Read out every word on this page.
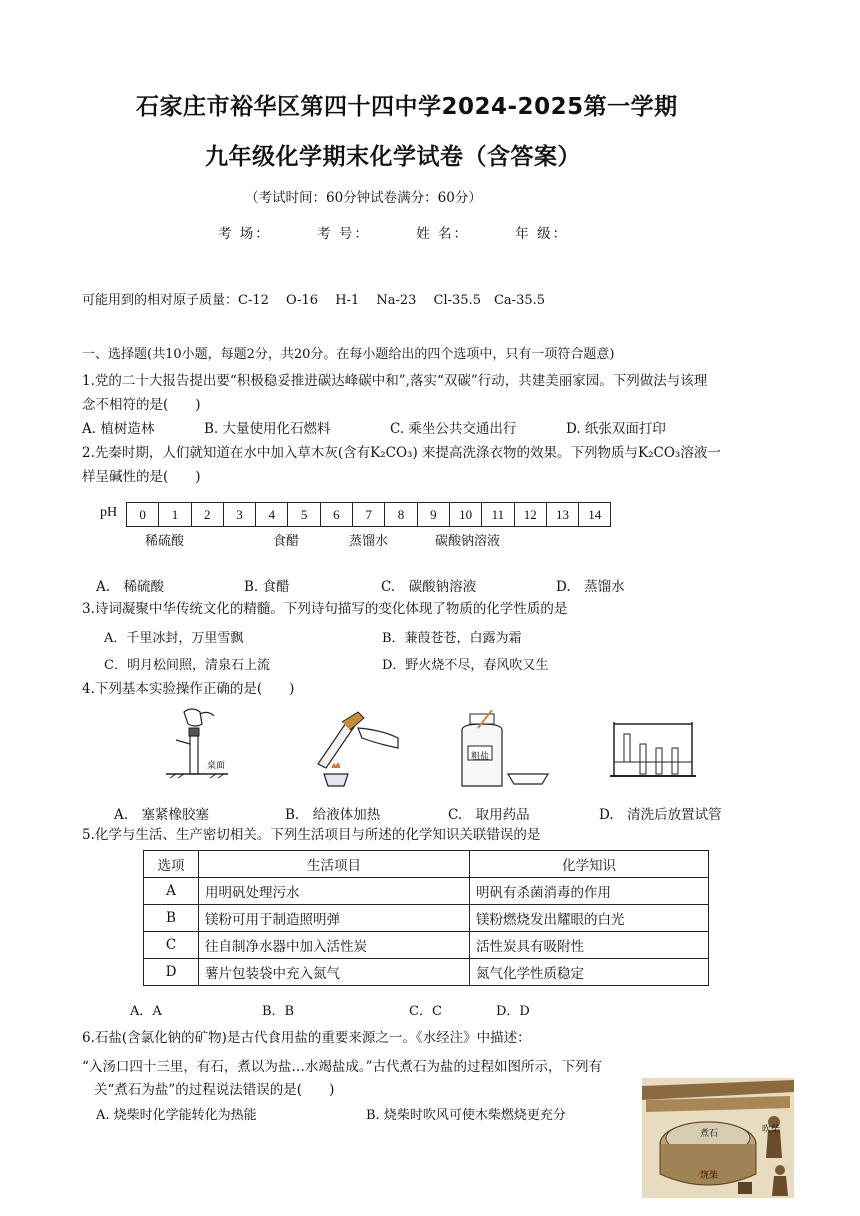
石家庄市裕华区第四十四中学2024-2025第一学期
九年级化学期末化学试卷（含答案）
（考试时间：60分钟试卷满分：60分）
考 场：	考 号：	姓 名：	年 级：
可能用到的相对原子质量：C-12　 O-16　 H-1　 Na-23　 Cl-35.5　Ca-35.5
一、选择题(共10小题，每题2分，共20分。在每小题给出的四个选项中，只有一项符合题意)
1.党的二十大报告提出要“积极稳妥推进碳达峰碳中和”,落实“双碳”行动，共建美丽家园。下列做法与该理
念不相符的是(　　)
A. 植树造林	B. 大量使用化石燃料	C. 乘坐公共交通出行	D. 纸张双面打印
2.先秦时期，人们就知道在水中加入草木灰(含有K₂CO₃) 来提高洗涤衣物的效果。下列物质与K₂CO₃溶液一
样呈碱性的是(　　)
pH 0	1	2	3	4	5	6	7	8	9	10	11	12	13	14
稀硫酸	食醋	蒸馏水	碳酸钠溶液
A.　稀硫酸	B. 食醋	C.　碳酸钠溶液	D.　蒸馏水
3.诗词凝聚中华传统文化的精髓。下列诗句描写的变化体现了物质的化学性质的是
A．千里冰封，万里雪飘	B．蒹葭苍苍，白露为霜
C．明月松间照，清泉石上流	D．野火烧不尽，春风吹又生
4.下列基本实验操作正确的是(　　)
桌面
粗盐
A.　塞紧橡胶塞	B.　给液体加热	C.　取用药品	D.　清洗后放置试管
5.化学与生活、生产密切相关。下列生活项目与所述的化学知识关联错误的是
选项	生活项目	化学知识
A	用明矾处理污水	明矾有杀菌消毒的作用
B	镁粉可用于制造照明弹	镁粉燃烧发出耀眼的白光
C	往自制净水器中加入活性炭	活性炭具有吸附性
D	薯片包装袋中充入氮气	氮气化学性质稳定
A．A	B．B	C．C	D．D
6.石盐(含氯化钠的矿物)是古代食用盐的重要来源之一。《水经注》中描述：
“入汤口四十三里，有石，煮以为盐…水竭盐成。”古代煮石为盐的过程如图所示，下列有
关“煮石为盐”的过程说法错误的是(　　)
A. 烧柴时化学能转化为热能	B. 烧柴时吹风可使木柴燃烧更充分
煮石	吹柴
烧柴
